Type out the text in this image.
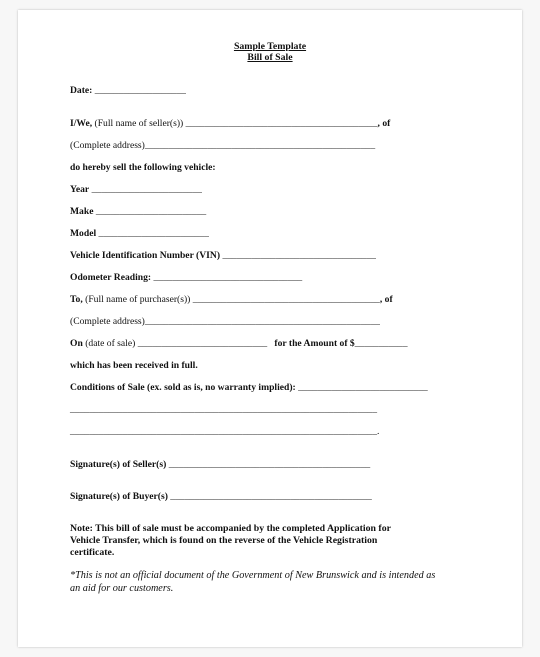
Sample Template
Bill of Sale
Date: ___________________
I/We, (Full name of seller(s)) ________________________________________, of
(Complete address)________________________________________________
do hereby sell the following vehicle:
Year _______________________
Make _______________________
Model _______________________
Vehicle Identification Number (VIN) ________________________________
Odometer Reading: _______________________________
To, (Full name of purchaser(s)) _______________________________________, of
(Complete address)_________________________________________________
On (date of sale) ___________________________ for the Amount of $___________
which has been received in full.
Conditions of Sale (ex. sold as is, no warranty implied): ___________________________
________________________________________________________________
________________________________________________________________.
Signature(s) of Seller(s) __________________________________________
Signature(s) of Buyer(s) __________________________________________
Note: This bill of sale must be accompanied by the completed Application for
Vehicle Transfer, which is found on the reverse of the Vehicle Registration
certificate.
*This is not an official document of the Government of New Brunswick and is intended as
an aid for our customers.
